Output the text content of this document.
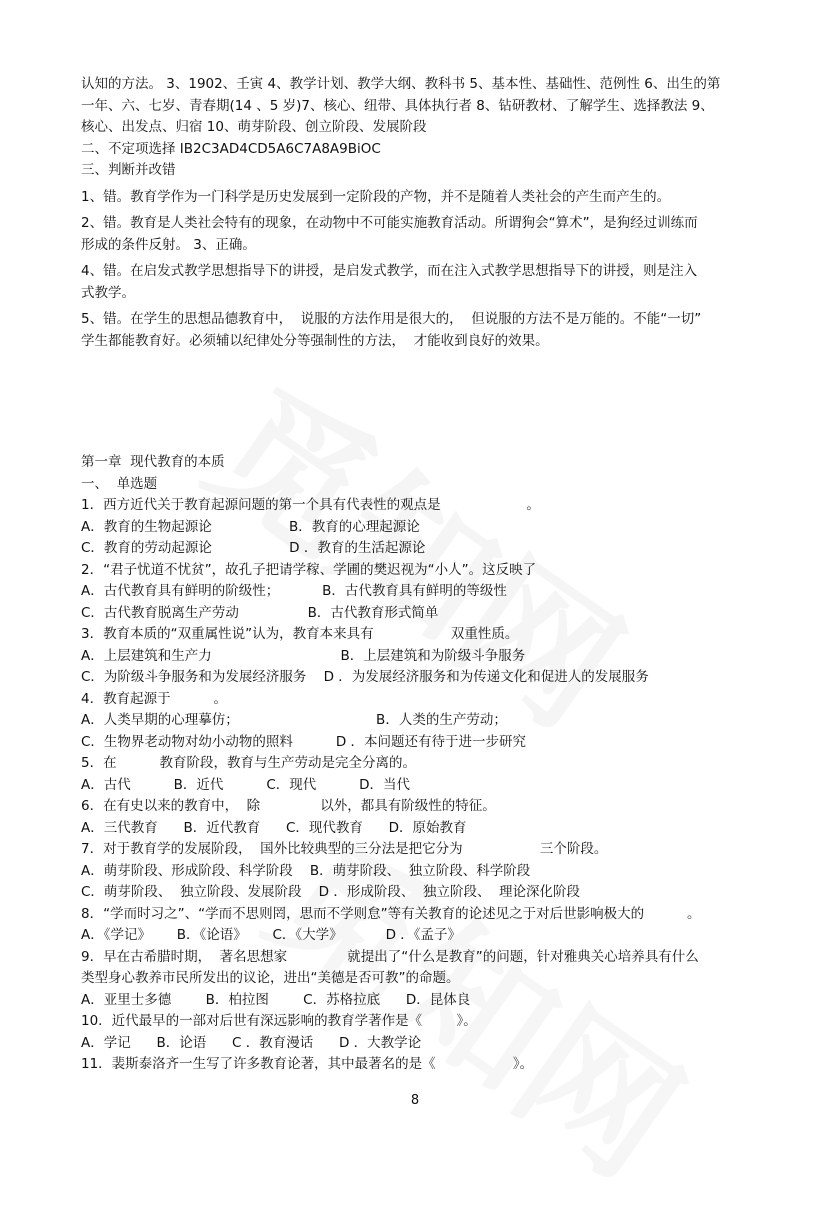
认知的方法。 3、1902、壬寅 4、教学计划、教学大纲、教科书 5、基本性、基础性、范例性 6、出生的第
一年、六、七岁、青春期(14 、5 岁)7、核心、纽带、具体执行者 8、钻研教材、了解学生、选择教法 9、
核心、出发点、归宿 10、萌芽阶段、创立阶段、发展阶段
二、不定项选择 IB2C3AD4CD5A6C7A8A9BiOC
三、判断并改错
1、错。教育学作为一门科学是历史发展到一定阶段的产物，并不是随着人类社会的产生而产生的。
2、错。教育是人类社会特有的现象，在动物中不可能实施教育活动。所谓狗会“算术”，是狗经过训练而
形成的条件反射。 3、正确。
4、错。在启发式教学思想指导下的讲授，是启发式教学，而在注入式教学思想指导下的讲授，则是注入
式教学。
5、错。在学生的思想品德教育中，  说服的方法作用是很大的，  但说服的方法不是万能的。不能“一切”
学生都能教育好。必须辅以纪律处分等强制性的方法，  才能收到良好的效果。
第一章  现代教育的本质
一、  单选题
1．西方近代关于教育起源问题的第一个具有代表性的观点是                    。
A．教育的生物起源论                  B．教育的心理起源论
C．教育的劳动起源论                  D ．教育的生活起源论
2．“君子忧道不忧贫”，故孔子把请学稼、学圃的樊迟视为“小人”。这反映了
A．古代教育具有鲜明的阶级性；          B．古代教育具有鲜明的等级性
C．古代教育脱离生产劳动                B．古代教育形式简单
3．教育本质的“双重属性说”认为，教育本来具有                  双重性质。
A．上层建筑和生产力                              B．上层建筑和为阶级斗争服务
C．为阶级斗争服务和为发展经济服务    D ．为发展经济服务和为传递文化和促进人的发展服务
4．教育起源于          。
A．人类早期的心理摹仿；                                B．人类的生产劳动；
C．生物界老动物对幼小动物的照料          D ．本问题还有待于进一步研究
5．在          教育阶段，教育与生产劳动是完全分离的。
A．古代          B．近代          C．现代          D．当代
6．在有史以来的教育中，  除              以外，都具有阶级性的特征。
A．三代教育      B．近代教育      C．现代教育      D．原始教育
7．对于教育学的发展阶段，  国外比较典型的三分法是把它分为                  三个阶段。
A．萌芽阶段、形成阶段、科学阶段    B．萌芽阶段、  独立阶段、科学阶段
C．萌芽阶段、  独立阶段、发展阶段    D ．形成阶段、  独立阶段、  理论深化阶段
8．“学而时习之”、“学而不思则罔，思而不学则怠”等有关教育的论述见之于对后世影响极大的          。
A．《学记》      B．《论语》      C．《大学》          D ．《孟子》
9．早在古希腊时期，  著名思想家              就提出了“什么是教育”的问题，针对雅典关心培养具有什么
类型身心教养市民所发出的议论，进出“美德是否可教”的命题。
A．亚里士多德        B．柏拉图        C．苏格拉底      D．昆体良
10．近代最早的一部对后世有深远影响的教育学著作是《        》。
A．学记      B．论语      C ．教育漫话      D ．大教学论
11．裴斯泰洛齐一生写了许多教育论著，其中最著名的是《                  》。
8
